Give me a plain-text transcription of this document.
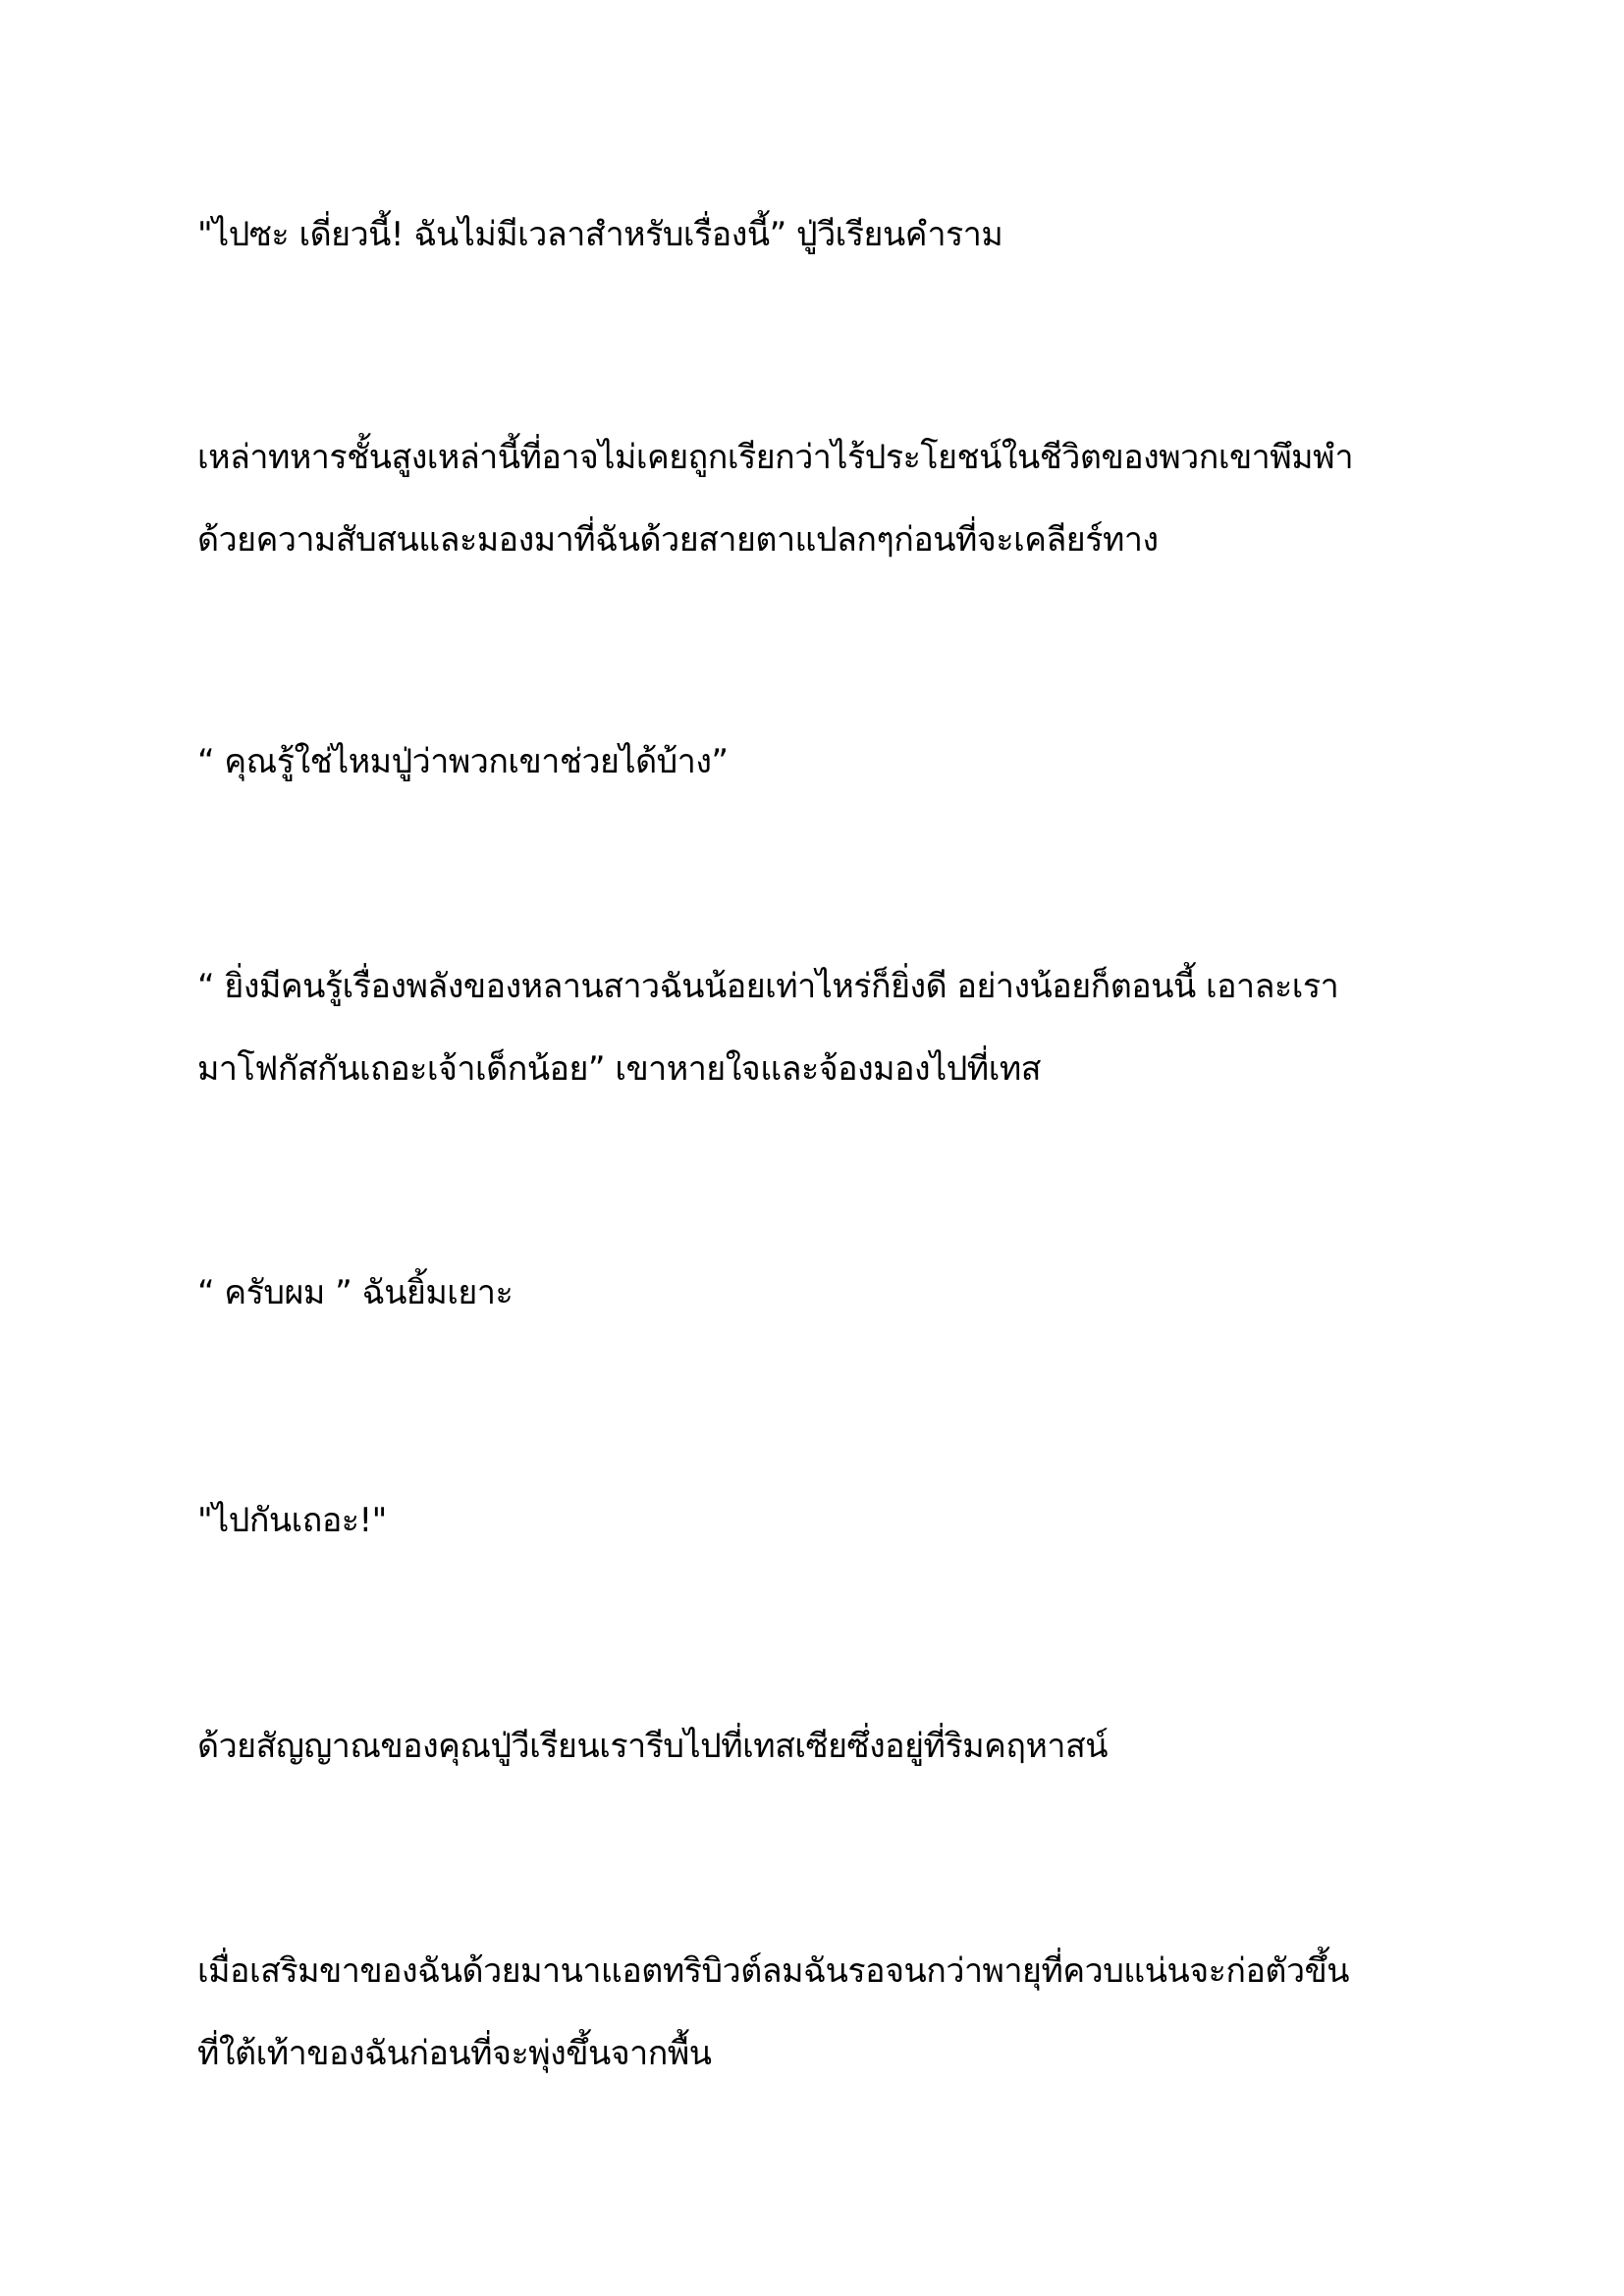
"ไปซะ เดี่ยวนี้! ฉันไม่มีเวลาสำหรับเรื่องนี้” ปู่วีเรียนคำราม

เหล่าทหารชั้นสูงเหล่านี้ที่อาจไม่เคยถูกเรียกว่าไร้ประโยชน์ในชีวิตของพวกเขาพึมพำ

ด้วยความสับสนและมองมาที่ฉันด้วยสายตาแปลกๆก่อนที่จะเคลียร์ทาง

“ คุณรู้ใช่ไหมปู่ว่าพวกเขาช่วยได้บ้าง”

“ ยิ่งมีคนรู้เรื่องพลังของหลานสาวฉันน้อยเท่าไหร่ก็ยิ่งดี อย่างน้อยก็ตอนนี้ เอาละเรา

มาโฟกัสกันเถอะเจ้าเด็กน้อย” เขาหายใจและจ้องมองไปที่เทส

“ ครับผม ” ฉันยิ้มเยาะ

"ไปกันเถอะ!"

ด้วยสัญญาณของคุณปู่วีเรียนเรารีบไปที่เทสเซียซึ่งอยู่ที่ริมคฤหาสน์

เมื่อเสริมขาของฉันด้วยมานาแอตทริบิวต์ลมฉันรอจนกว่าพายุที่ควบแน่นจะก่อตัวขึ้น

ที่ใต้เท้าของฉันก่อนที่จะพุ่งขึ้นจากพื้น
